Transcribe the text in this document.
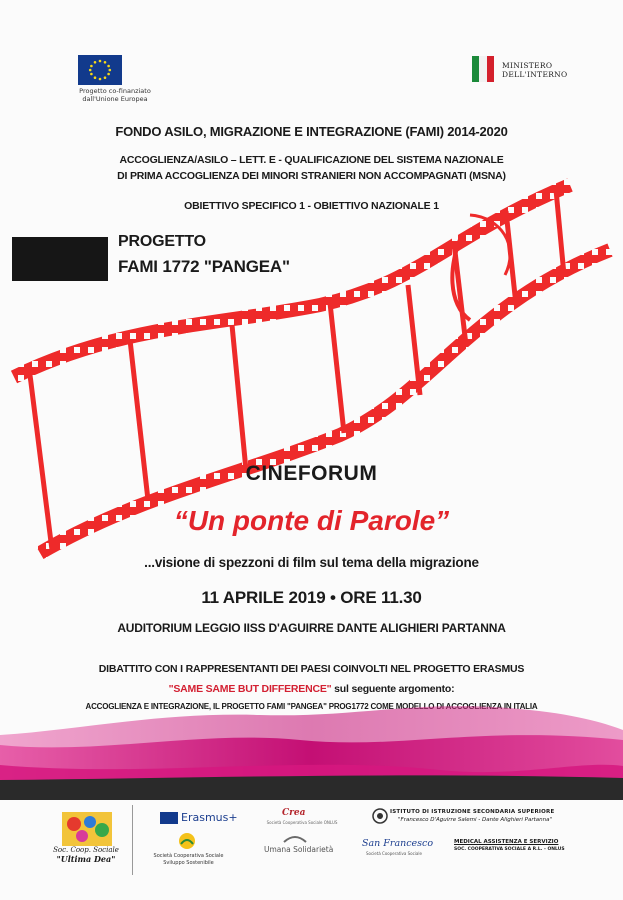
Progetto co-finanziato dall'Unione Europea
MINISTERO
DELL'INTERNO
FONDO ASILO, MIGRAZIONE E INTEGRAZIONE (FAMI) 2014-2020
ACCOGLIENZA/ASILO – LETT. E - QUALIFICAZIONE DEL SISTEMA NAZIONALE
DI PRIMA ACCOGLIENZA DEI MINORI STRANIERI NON ACCOMPAGNATI (MSNA)
OBIETTIVO SPECIFICO 1 - OBIETTIVO NAZIONALE 1
PROGETTO
FAMI 1772 "PANGEA"
CINEFORUM
“Un ponte di Parole”
...visione di spezzoni di film sul tema della migrazione
11 APRILE 2019 • ORE 11.30
AUDITORIUM LEGGIO IISS D'AGUIRRE DANTE ALIGHIERI PARTANNA
DIBATTITO CON I RAPPRESENTANTI DEI PAESI COINVOLTI NEL PROGETTO ERASMUS
"SAME SAME BUT DIFFERENCE" sul seguente argomento:
ACCOGLIENZA E INTEGRAZIONE, IL PROGETTO FAMI "PANGEA" PROG1772 COME MODELLO DI ACCOGLIENZA IN ITALIA
Soc. Coop. Sociale
"Ultima Dea"
Erasmus+
Società Cooperativa Sociale Sviluppo Sostenibile
Crea
Società Cooperativa Sociale ONLUS
Umana Solidarietà
ISTITUTO DI ISTRUZIONE SECONDARIA SUPERIORE
"Francesco D'Aguirre Salemi - Dante Alighieri Partanna"
San Francesco
Società Cooperativa Sociale
MEDICAL ASSISTENZA E SERVIZIO
SOC. COOPERATIVA SOCIALE A R.L. - ONLUS
